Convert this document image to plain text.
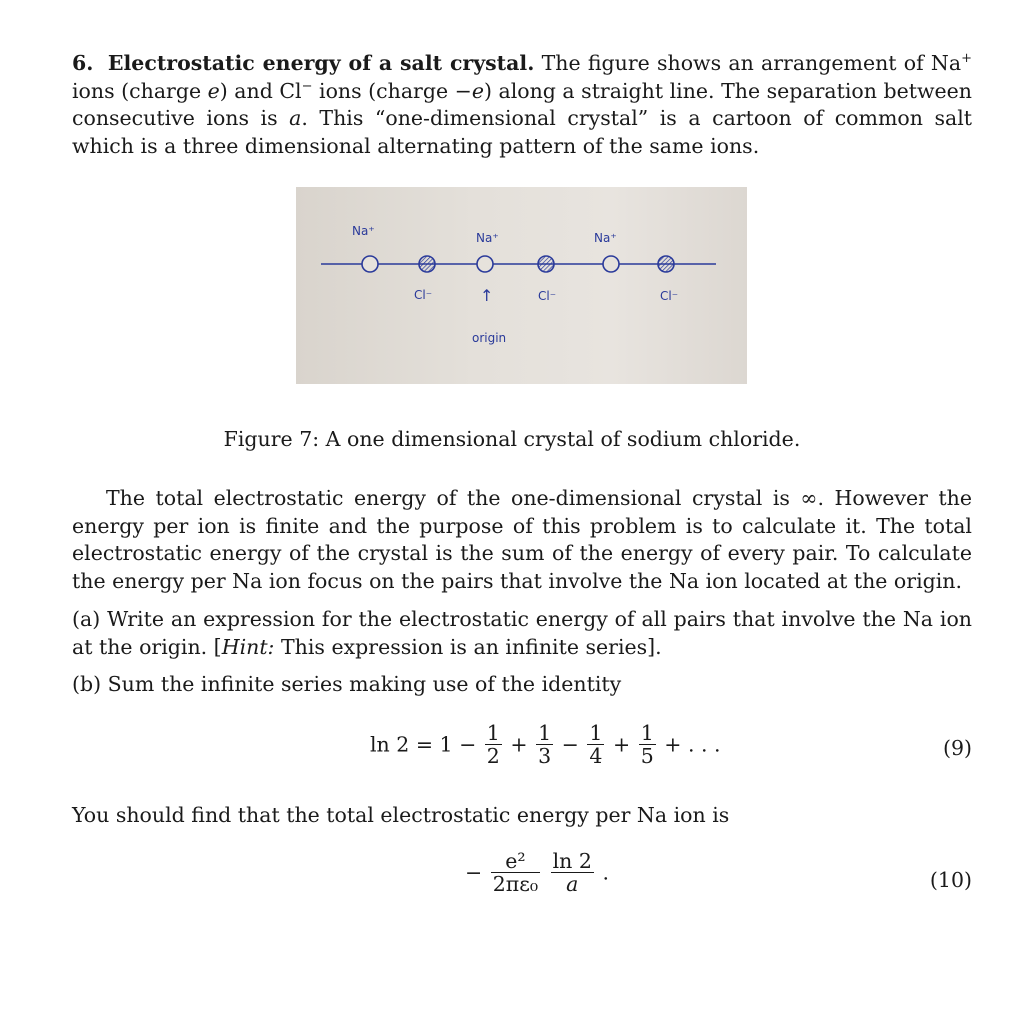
6. Electrostatic energy of a salt crystal. The figure shows an arrangement of Na+ ions (charge e) and Cl− ions (charge −e) along a straight line. The separation between consecutive ions is a. This “one-dimensional crystal” is a cartoon of common salt which is a three dimensional alternating pattern of the same ions.

Na⁺	Na⁺	Na⁺
Cl⁻	Cl⁻	Cl⁻
↑
origin
Figure 7: A one dimensional crystal of sodium chloride.

The total electrostatic energy of the one-dimensional crystal is ∞. However the energy per ion is finite and the purpose of this problem is to calculate it. The total electrostatic energy of the crystal is the sum of the energy of every pair. To calculate the energy per Na ion focus on the pairs that involve the Na ion located at the origin.

(a) Write an expression for the electrostatic energy of all pairs that involve the Na ion at the origin. [Hint: This expression is an infinite series].

(b) Sum the infinite series making use of the identity

$\ln 2 = 1 - \frac{1}{2} + \frac{1}{3} - \frac{1}{4} + \frac{1}{5}$ + . . .	(9)
You should find that the total electrostatic energy per Na ion is
− $\frac{\text{e²}}{\text{2πε₀}}$
$\frac{\ln 2}{a}$ .	(10)
